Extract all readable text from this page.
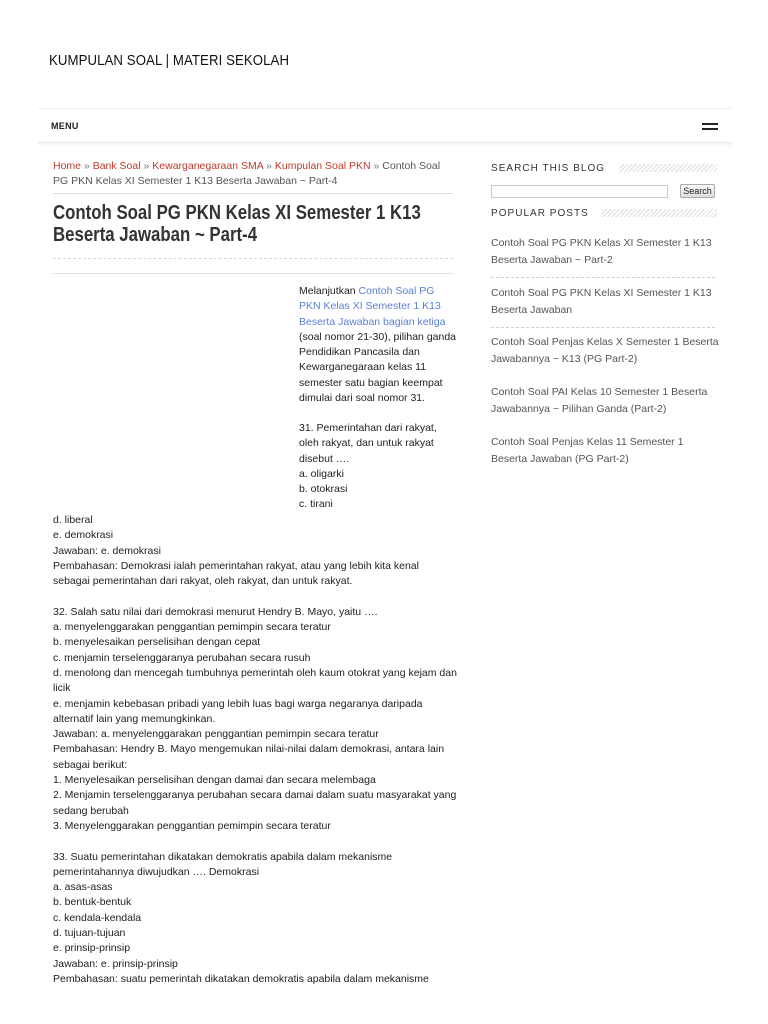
KUMPULAN SOAL | MATERI SEKOLAH
MENU
Home » Bank Soal » Kewarganegaraan SMA » Kumpulan Soal PKN » Contoh Soal PG PKN Kelas XI Semester 1 K13 Beserta Jawaban ~ Part-4
Contoh Soal PG PKN Kelas XI Semester 1 K13 Beserta Jawaban ~ Part-4
Melanjutkan Contoh Soal PG PKN Kelas XI Semester 1 K13 Beserta Jawaban bagian ketiga (soal nomor 21-30), pilihan ganda Pendidikan Pancasila dan Kewarganegaraan kelas 11 semester satu bagian keempat dimulai dari soal nomor 31.
31. Pemerintahan dari rakyat, oleh rakyat, dan untuk rakyat disebut ….
a. oligarki
b. otokrasi
c. tirani

d. liberal
e. demokrasi
Jawaban: e. demokrasi
Pembahasan: Demokrasi ialah pemerintahan rakyat, atau yang lebih kita kenal sebagai pemerintahan dari rakyat, oleh rakyat, dan untuk rakyat.

32. Salah satu nilai dari demokrasi menurut Hendry B. Mayo, yaitu ….
a. menyelenggarakan penggantian pemimpin secara teratur
b. menyelesaikan perselisihan dengan cepat
c. menjamin terselenggaranya perubahan secara rusuh
d. menolong dan mencegah tumbuhnya pemerintah oleh kaum otokrat yang kejam dan licik
e. menjamin kebebasan pribadi yang lebih luas bagi warga negaranya daripada alternatif lain yang memungkinkan.
Jawaban: a. menyelenggarakan penggantian pemimpin secara teratur
Pembahasan: Hendry B. Mayo mengemukan nilai-nilai dalam demokrasi, antara lain sebagai berikut:
1. Menyelesaikan perselisihan dengan damai dan secara melembaga
2. Menjamin terselenggaranya perubahan secara damai dalam suatu masyarakat yang sedang berubah
3. Menyelenggarakan penggantian pemimpin secara teratur

33. Suatu pemerintahan dikatakan demokratis apabila dalam mekanisme pemerintahannya diwujudkan …. Demokrasi
a. asas-asas
b. bentuk-bentuk
c. kendala-kendala
d. tujuan-tujuan
e. prinsip-prinsip
Jawaban: e. prinsip-prinsip
Pembahasan: suatu pemerintah dikatakan demokratis apabila dalam mekanisme

SEARCH THIS BLOG
Search
POPULAR POSTS
Contoh Soal PG PKN Kelas XI Semester 1 K13 Beserta Jawaban ~ Part-2
Contoh Soal PG PKN Kelas XI Semester 1 K13 Beserta Jawaban
Contoh Soal Penjas Kelas X Semester 1 Beserta Jawabannya ~ K13 (PG Part-2)
Contoh Soal PAI Kelas 10 Semester 1 Beserta Jawabannya ~ Pilihan Ganda (Part-2)
Contoh Soal Penjas Kelas 11 Semester 1 Beserta Jawaban (PG Part-2)
